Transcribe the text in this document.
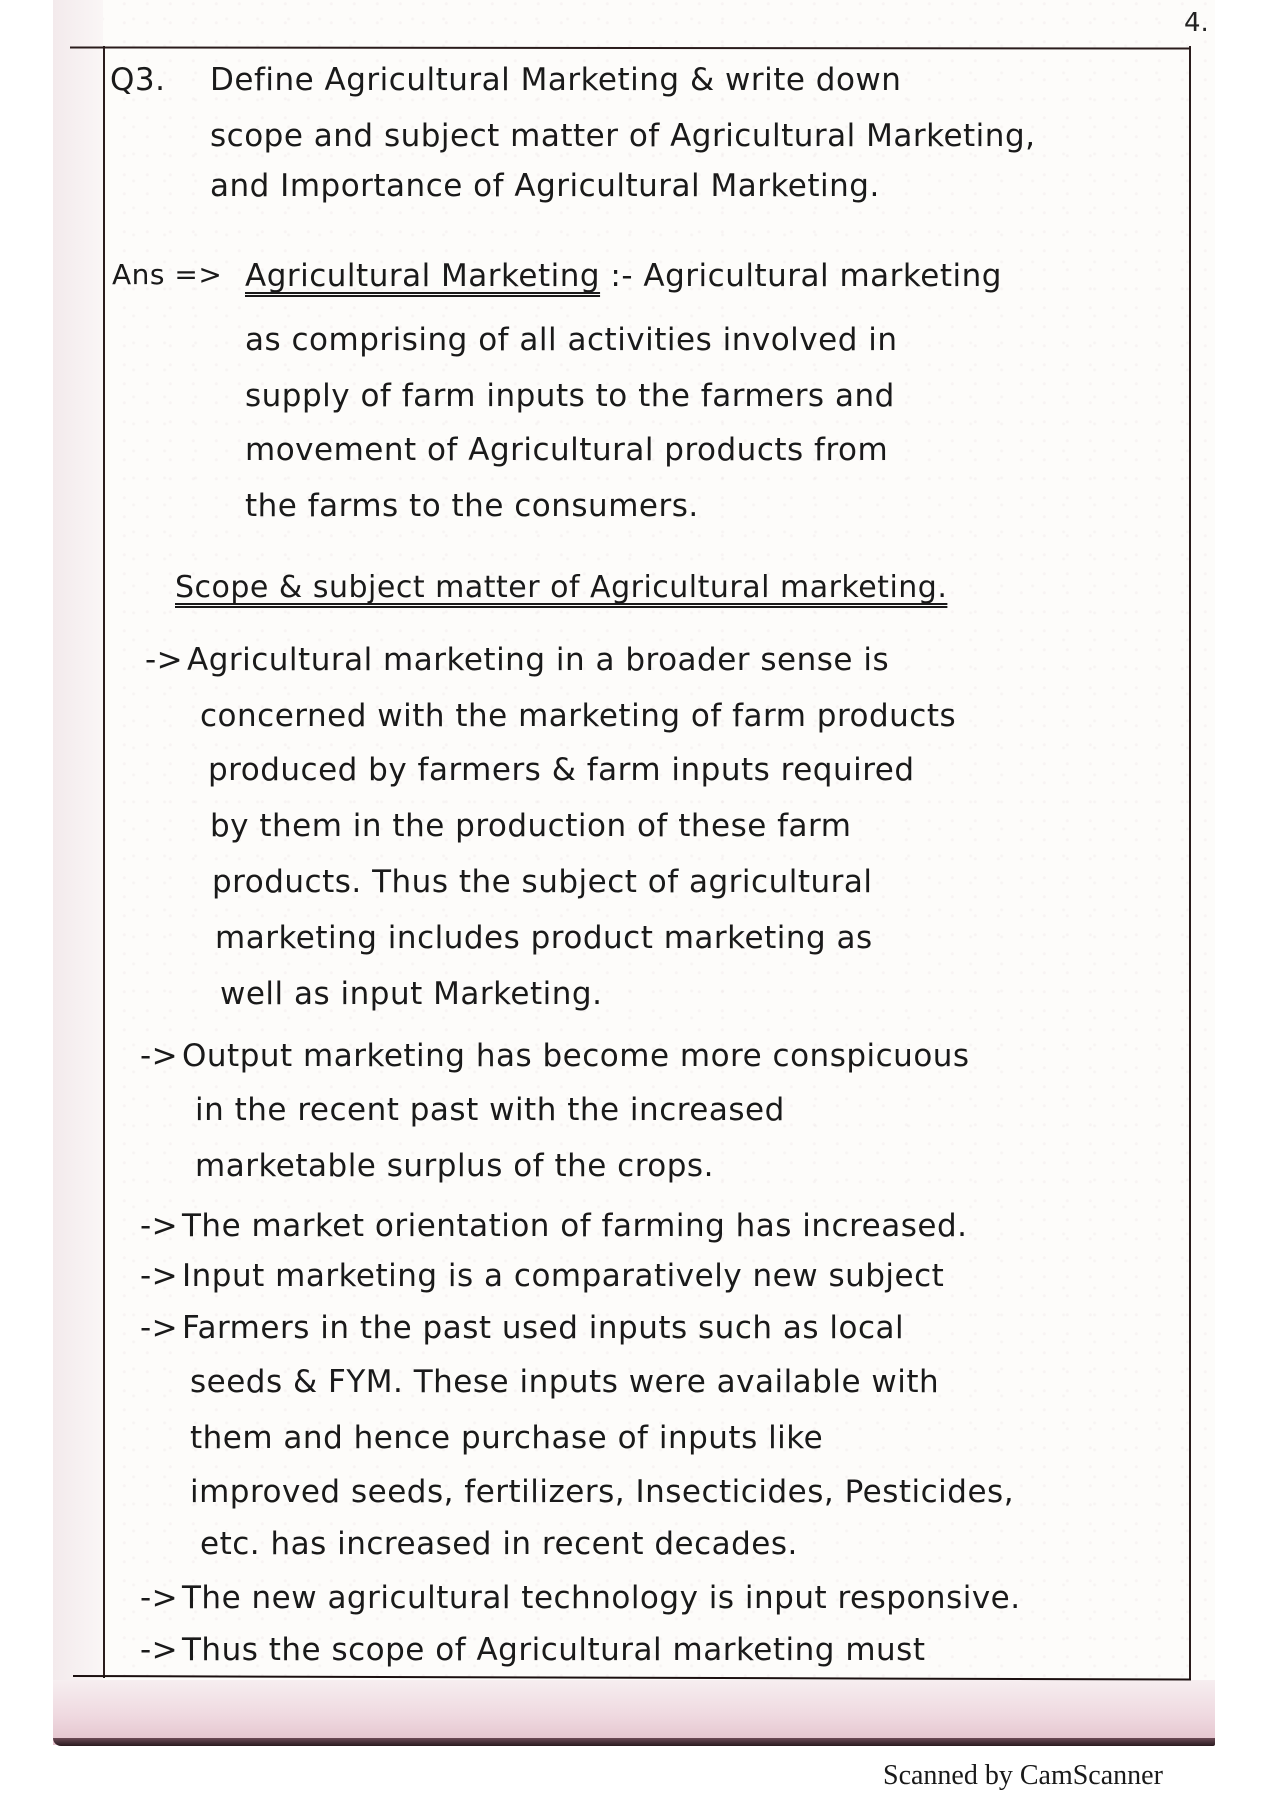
4.
Q3. Define Agricultural Marketing & write down
scope and subject matter of Agricultural Marketing,
and Importance of Agricultural Marketing.
Ans => Agricultural Marketing :- Agricultural marketing
as comprising of all activities involved in
supply of farm inputs to the farmers and
movement of Agricultural products from
the farms to the consumers.
Scope & subject matter of Agricultural marketing.
-> Agricultural marketing in a broader sense is
concerned with the marketing of farm products
produced by farmers & farm inputs required
by them in the production of these farm
products. Thus the subject of agricultural
marketing includes product marketing as
well as input Marketing.
-> Output marketing has become more conspicuous
in the recent past with the increased
marketable surplus of the crops.
-> The market orientation of farming has increased.
-> Input marketing is a comparatively new subject
-> Farmers in the past used inputs such as local
seeds & FYM. These inputs were available with
them and hence purchase of inputs like
improved seeds, fertilizers, Insecticides, Pesticides,
etc. has increased in recent decades.
-> The new agricultural technology is input responsive.
-> Thus the scope of Agricultural marketing must
Scanned by CamScanner
